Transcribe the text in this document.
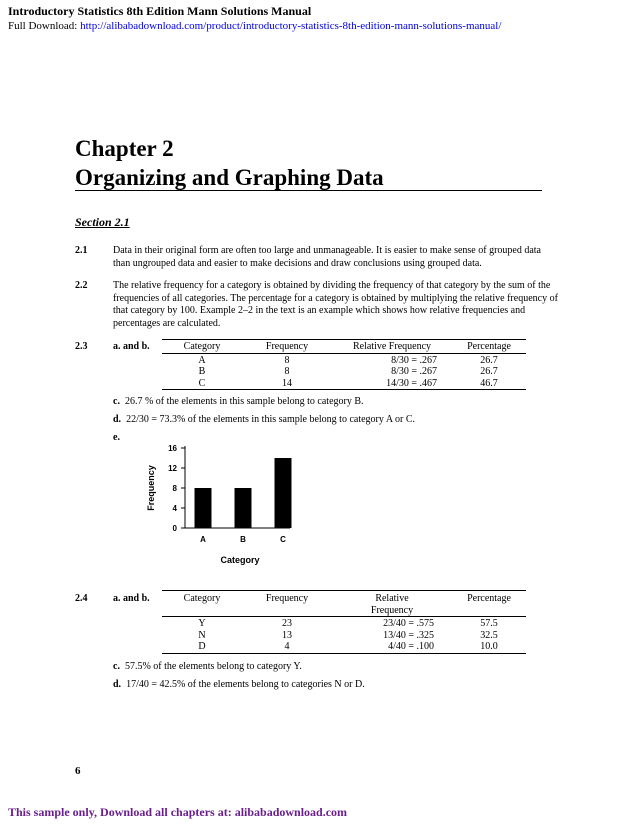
Introductory Statistics 8th Edition Mann Solutions Manual
Full Download: http://alibabadownload.com/product/introductory-statistics-8th-edition-mann-solutions-manual/
Chapter 2
Organizing and Graphing Data
Section 2.1
2.1	Data in their original form are often too large and unmanageable. It is easier to make sense of grouped data than ungrouped data and easier to make decisions and draw conclusions using grouped data.
2.2	The relative frequency for a category is obtained by dividing the frequency of that category by the sum of the frequencies of all categories. The percentage for a category is obtained by multiplying the relative frequency of that category by 100. Example 2–2 in the text is an example which shows how relative frequencies and percentages are calculated.
2.3	a. and b.	Category	Frequency	Relative Frequency	Percentage

A	8	8/30 = .267	26.7
B	8	8/30 = .267	26.7
C	14	14/30 = .467	46.7
c. 26.7 % of the elements in this sample belong to category B.
d. 22/30 = 73.3% of the elements in this sample belong to category A or C.
e.
0
4
8
12
16
A	B	C
Category
Frequency
2.4	a. and b.	Category	Frequency	Relative
Frequency	Percentage

Y	23	23/40 = .575	57.5
N	13	13/40 = .325	32.5
D	4	4/40 = .100	10.0
c. 57.5% of the elements belong to category Y.
d. 17/40 = 42.5% of the elements belong to categories N or D.
6
This sample only, Download all chapters at: alibabadownload.com
